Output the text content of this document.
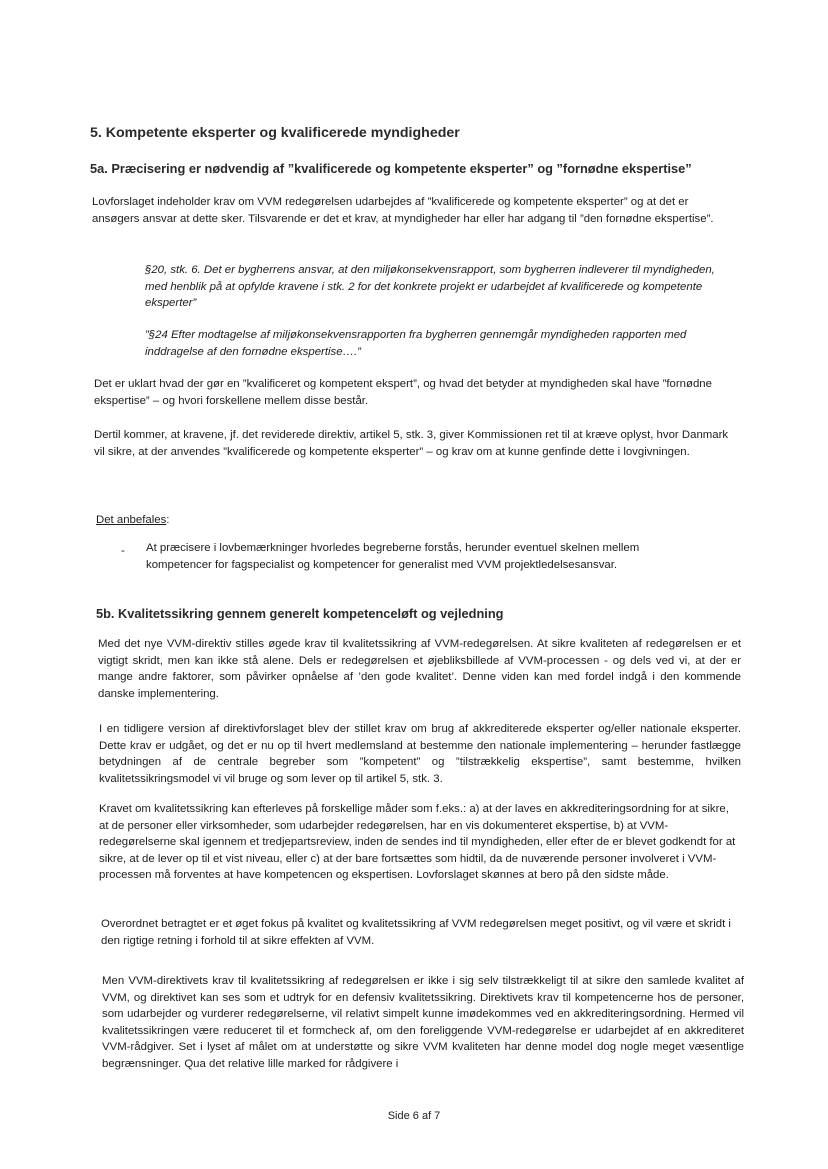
5. Kompetente eksperter og kvalificerede myndigheder
5a. Præcisering er nødvendig af ”kvalificerede og kompetente eksperter” og ”fornødne ekspertise”

Lovforslaget indeholder krav om VVM redegørelsen udarbejdes af ”kvalificerede og kompetente eksperter” og at det er ansøgers ansvar at dette sker. Tilsvarende er det et krav, at myndigheder har eller har adgang til ”den fornødne ekspertise”.

§20, stk. 6. Det er bygherrens ansvar, at den miljøkonsekvensrapport, som bygherren indleverer til myndigheden, med henblik på at opfylde kravene i stk. 2 for det konkrete projekt er udarbejdet af kvalificerede og kompetente eksperter”

”§24 Efter modtagelse af miljøkonsekvensrapporten fra bygherren gennemgår myndigheden rapporten med inddragelse af den fornødne ekspertise….”

Det er uklart hvad der gør en ”kvalificeret og kompetent ekspert”, og hvad det betyder at myndigheden skal have ”fornødne ekspertise” – og hvori forskellene mellem disse består.

Dertil kommer, at kravene, jf. det reviderede direktiv, artikel 5, stk. 3, giver Kommissionen ret til at kræve oplyst, hvor Danmark vil sikre, at der anvendes ”kvalificerede og kompetente eksperter” – og krav om at kunne genfinde dette i lovgivningen.

Det anbefales:

- At præcisere i lovbemærkninger hvorledes begreberne forstås, herunder eventuel skelnen mellem kompetencer for fagspecialist og kompetencer for generalist med VVM projektledelsesansvar.

5b. Kvalitetssikring gennem generelt kompetenceløft og vejledning

Med det nye VVM-direktiv stilles øgede krav til kvalitetssikring af VVM-redegørelsen. At sikre kvaliteten af redegørelsen er et vigtigt skridt, men kan ikke stå alene. Dels er redegørelsen et øjebliksbillede af VVM-processen - og dels ved vi, at der er mange andre faktorer, som påvirker opnåelse af ’den gode kvalitet’. Denne viden kan med fordel indgå i den kommende danske implementering.

I en tidligere version af direktivforslaget blev der stillet krav om brug af akkrediterede eksperter og/eller nationale eksperter. Dette krav er udgået, og det er nu op til hvert medlemsland at bestemme den nationale implementering – herunder fastlægge betydningen af de centrale begreber som ”kompetent” og ”tilstrækkelig ekspertise”, samt bestemme, hvilken kvalitetssikringsmodel vi vil bruge og som lever op til artikel 5, stk. 3.

Kravet om kvalitetssikring kan efterleves på forskellige måder som f.eks.: a) at der laves en akkrediteringsordning for at sikre, at de personer eller virksomheder, som udarbejder redegørelsen, har en vis dokumenteret ekspertise, b) at VVM-redegørelserne skal igennem et tredjepartsreview, inden de sendes ind til myndigheden, eller efter de er blevet godkendt for at sikre, at de lever op til et vist niveau, eller c) at der bare fortsættes som hidtil, da de nuværende personer involveret i VVM-processen må forventes at have kompetencen og ekspertisen. Lovforslaget skønnes at bero på den sidste måde.

Overordnet betragtet er et øget fokus på kvalitet og kvalitetssikring af VVM redegørelsen meget positivt, og vil være et skridt i den rigtige retning i forhold til at sikre effekten af VVM.

Men VVM-direktivets krav til kvalitetssikring af redegørelsen er ikke i sig selv tilstrækkeligt til at sikre den samlede kvalitet af VVM, og direktivet kan ses som et udtryk for en defensiv kvalitetssikring. Direktivets krav til kompetencerne hos de personer, som udarbejder og vurderer redegørelserne, vil relativt simpelt kunne imødekommes ved en akkrediteringsordning. Hermed vil kvalitetssikringen være reduceret til et formcheck af, om den foreliggende VVM-redegørelse er udarbejdet af en akkrediteret VVM-rådgiver. Set i lyset af målet om at understøtte og sikre VVM kvaliteten har denne model dog nogle meget væsentlige begrænsninger. Qua det relative lille marked for rådgivere i

Side 6 af 7
